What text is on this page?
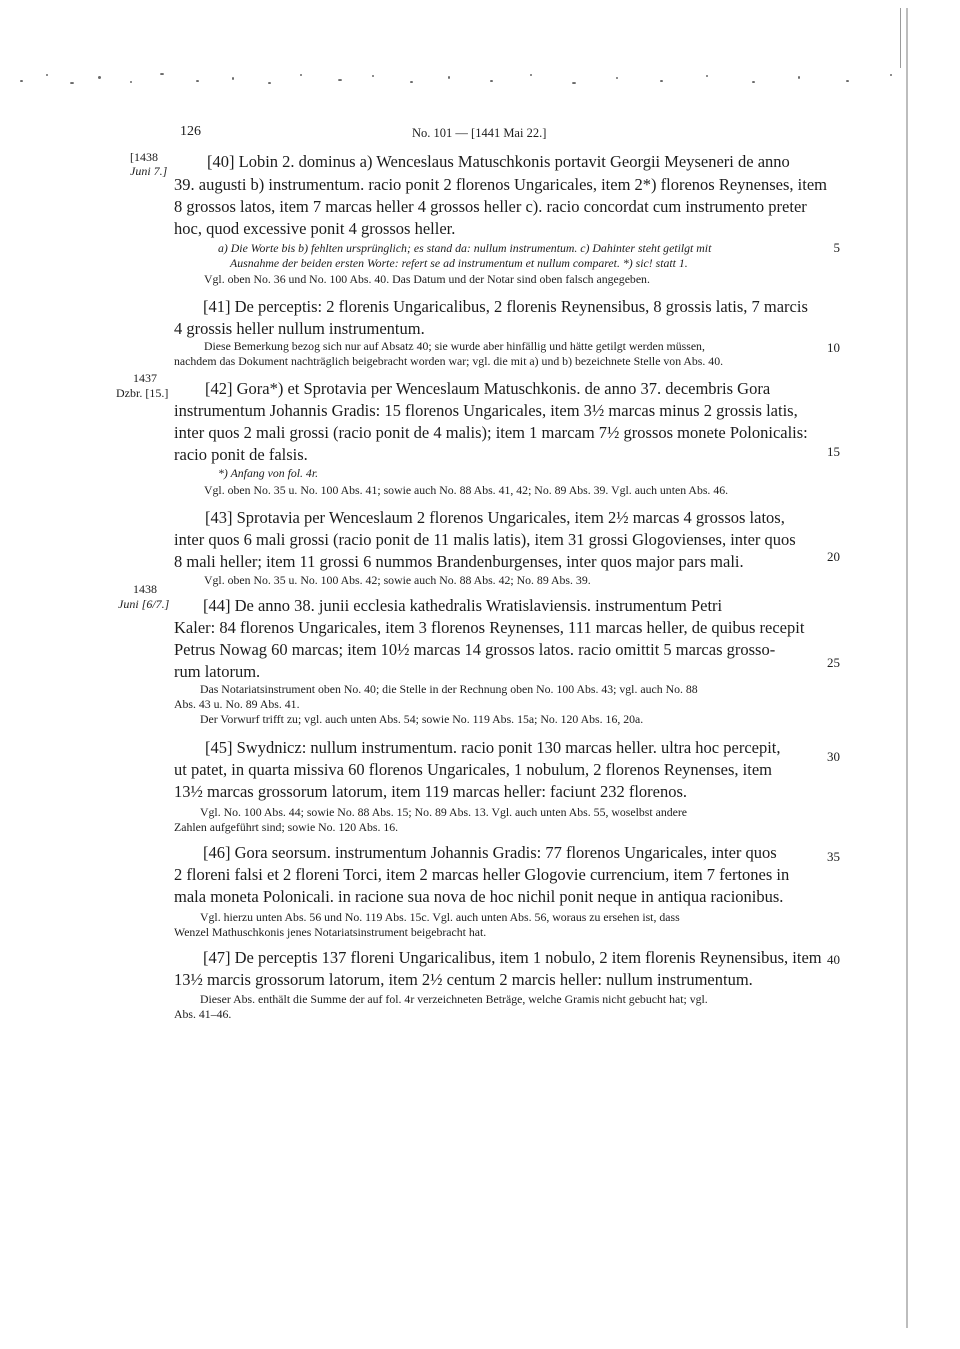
126	No. 101 — [1441 Mai 22.]
[1438
Juni 7.]
1437
Dzbr. [15.]
1438
Juni [6/7.]
5
10
15
20
25
30
35
40
[40] Lobin 2. dominus a) Wenceslaus Matuschkonis portavit Georgii Meyseneri de anno
39. augusti b) instrumentum. racio ponit 2 florenos Ungaricales, item 2*) florenos Reynenses, item
8 grossos latos, item 7 marcas heller 4 grossos heller c). racio concordat cum instrumento preter
hoc, quod excessive ponit 4 grossos heller.
a) Die Worte bis b) fehlten ursprünglich; es stand da: nullum instrumentum. c) Dahinter steht getilgt mit
Ausnahme der beiden ersten Worte: refert se ad instrumentum et nullum comparet. *) sic! statt 1.
Vgl. oben No. 36 und No. 100 Abs. 40. Das Datum und der Notar sind oben falsch angegeben.
[41] De perceptis: 2 florenis Ungaricalibus, 2 florenis Reynensibus, 8 grossis latis, 7 marcis
4 grossis heller nullum instrumentum.
Diese Bemerkung bezog sich nur auf Absatz 40; sie wurde aber hinfällig und hätte getilgt werden müssen,
nachdem das Dokument nachträglich beigebracht worden war; vgl. die mit a) und b) bezeichnete Stelle von Abs. 40.
[42] Gora*) et Sprotavia per Wenceslaum Matuschkonis. de anno 37. decembris Gora
instrumentum Johannis Gradis: 15 florenos Ungaricales, item 3½ marcas minus 2 grossis latis,
inter quos 2 mali grossi (racio ponit de 4 malis); item 1 marcam 7½ grossos monete Polonicalis:
racio ponit de falsis.
*) Anfang von fol. 4r.
Vgl. oben No. 35 u. No. 100 Abs. 41; sowie auch No. 88 Abs. 41, 42; No. 89 Abs. 39. Vgl. auch unten Abs. 46.
[43] Sprotavia per Wenceslaum 2 florenos Ungaricales, item 2½ marcas 4 grossos latos,
inter quos 6 mali grossi (racio ponit de 11 malis latis), item 31 grossi Glogovienses, inter quos
8 mali heller; item 11 grossi 6 nummos Brandenburgenses, inter quos major pars mali.
Vgl. oben No. 35 u. No. 100 Abs. 42; sowie auch No. 88 Abs. 42; No. 89 Abs. 39.
[44] De anno 38. junii ecclesia kathedralis Wratislaviensis. instrumentum Petri
Kaler: 84 florenos Ungaricales, item 3 florenos Reynenses, 111 marcas heller, de quibus recepit
Petrus Nowag 60 marcas; item 10½ marcas 14 grossos latos. racio omittit 5 marcas grosso-
rum latorum.
Das Notariatsinstrument oben No. 40; die Stelle in der Rechnung oben No. 100 Abs. 43; vgl. auch No. 88
Abs. 43 u. No. 89 Abs. 41.
Der Vorwurf trifft zu; vgl. auch unten Abs. 54; sowie No. 119 Abs. 15a; No. 120 Abs. 16, 20a.
[45] Swydnicz: nullum instrumentum. racio ponit 130 marcas heller. ultra hoc percepit,
ut patet, in quarta missiva 60 florenos Ungaricales, 1 nobulum, 2 florenos Reynenses, item
13½ marcas grossorum latorum, item 119 marcas heller: faciunt 232 florenos.
Vgl. No. 100 Abs. 44; sowie No. 88 Abs. 15; No. 89 Abs. 13. Vgl. auch unten Abs. 55, woselbst andere
Zahlen aufgeführt sind; sowie No. 120 Abs. 16.
[46] Gora seorsum. instrumentum Johannis Gradis: 77 florenos Ungaricales, inter quos
2 floreni falsi et 2 floreni Torci, item 2 marcas heller Glogovie currencium, item 7 fertones in
mala moneta Polonicali. in racione sua nova de hoc nichil ponit neque in antiqua racionibus.
Vgl. hierzu unten Abs. 56 und No. 119 Abs. 15c. Vgl. auch unten Abs. 56, woraus zu ersehen ist, dass
Wenzel Mathuschkonis jenes Notariatsinstrument beigebracht hat.
[47] De perceptis 137 floreni Ungaricalibus, item 1 nobulo, 2 item florenis Reynensibus, item
13½ marcis grossorum latorum, item 2½ centum 2 marcis heller: nullum instrumentum.
Dieser Abs. enthält die Summe der auf fol. 4r verzeichneten Beträge, welche Gramis nicht gebucht hat; vgl.
Abs. 41–46.
